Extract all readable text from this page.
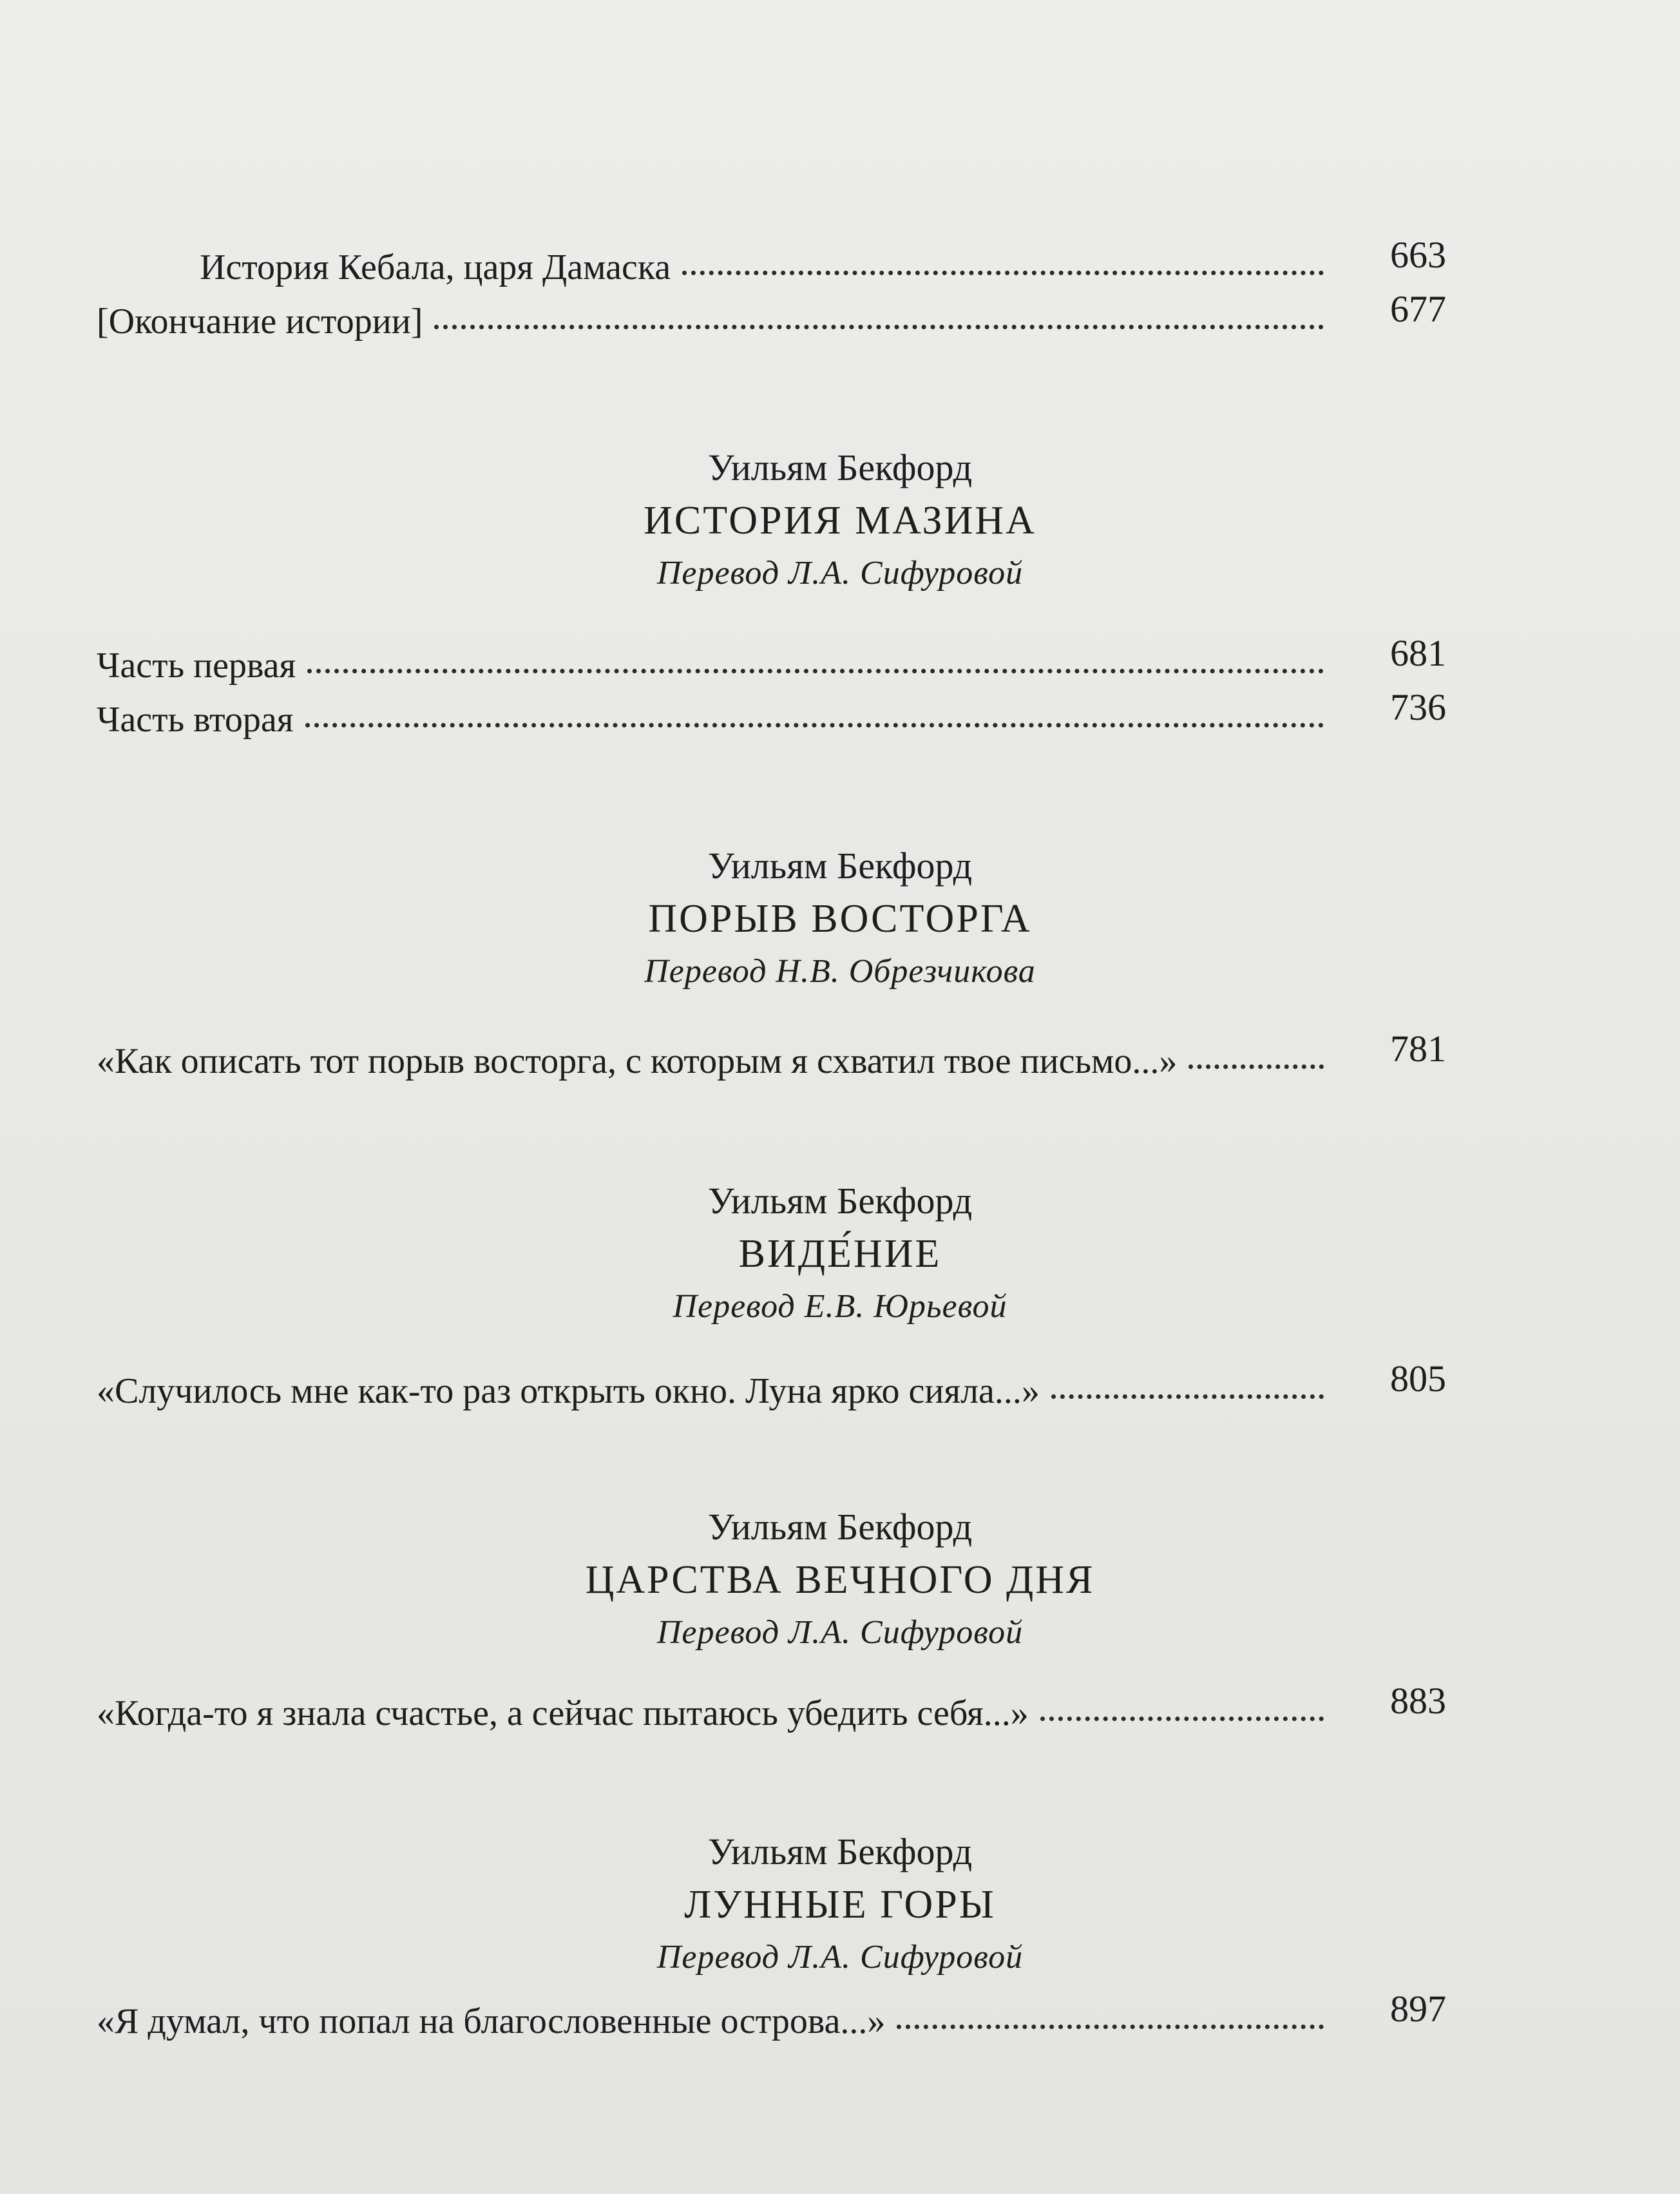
История Кебала, царя Дамаска	663
[Окончание истории]	677
Уильям Бекфорд
ИСТОРИЯ МАЗИНА
Перевод Л.А. Сифуровой
Часть первая	681
Часть вторая	736
Уильям Бекфорд
ПОРЫВ ВОСТОРГА
Перевод Н.В. Обрезчикова
«Как описать тот порыв восторга, с которым я схватил твое письмо...»	781
Уильям Бекфорд
ВИДЕ́НИЕ
Перевод Е.В. Юрьевой
«Случилось мне как-то раз открыть окно. Луна ярко сияла...»	805
Уильям Бекфорд
ЦАРСТВА ВЕЧНОГО ДНЯ
Перевод Л.А. Сифуровой
«Когда-то я знала счастье, а сейчас пытаюсь убедить себя...»	883
Уильям Бекфорд
ЛУННЫЕ ГОРЫ
Перевод Л.А. Сифуровой
«Я думал, что попал на благословенные острова...»	897
